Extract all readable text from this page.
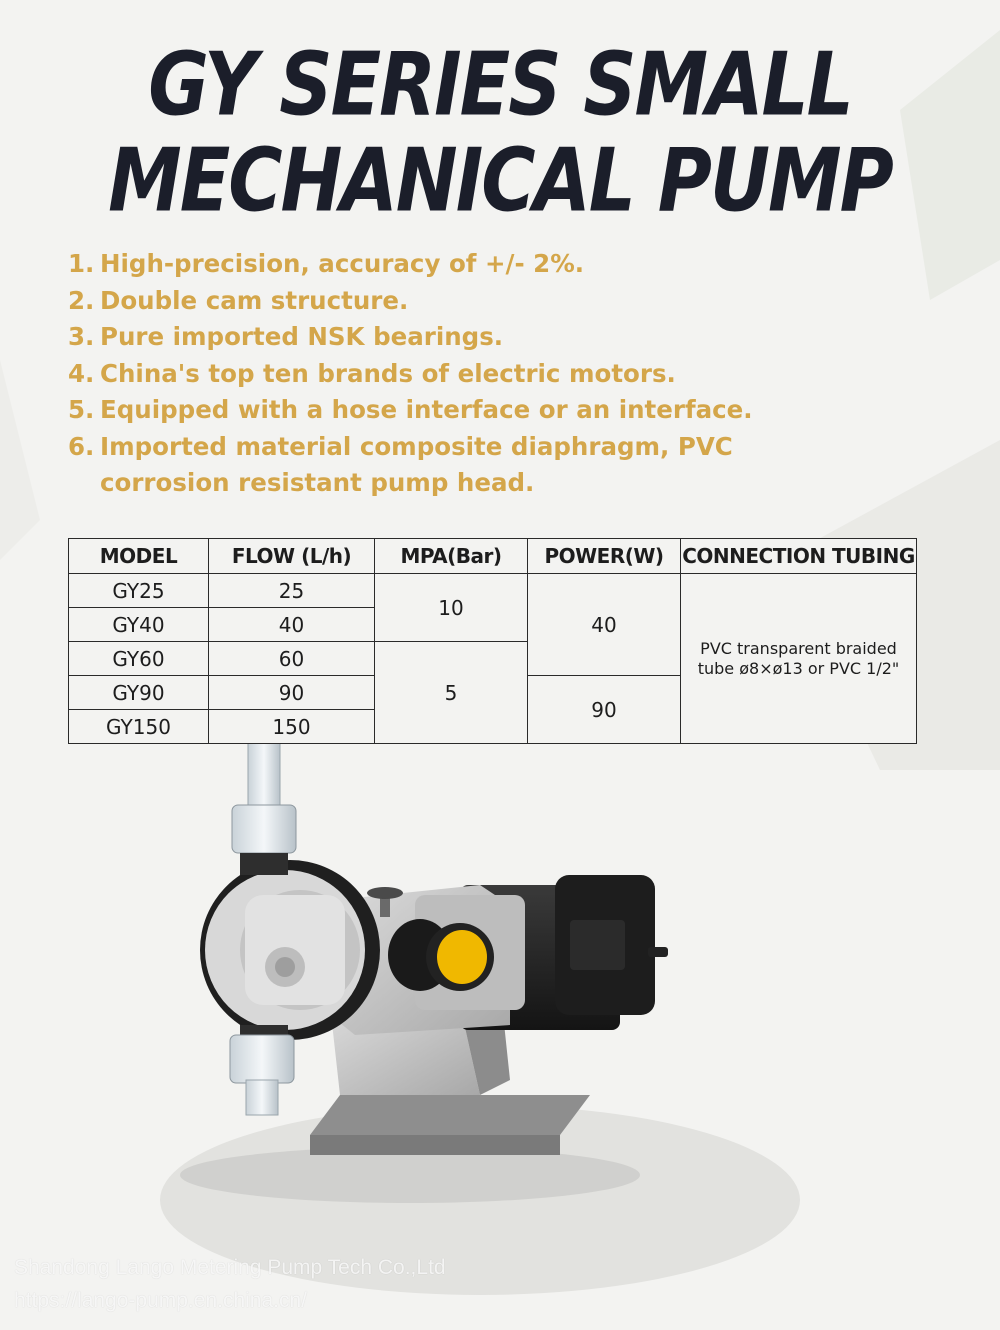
GY SERIES SMALL
MECHANICAL PUMP
1. High-precision, accuracy of +/- 2%.
2. Double cam structure.
3. Pure imported NSK bearings.
4. China's top ten brands of electric motors.
5. Equipped with a hose interface or an interface.
6. Imported material composite diaphragm, PVC corrosion resistant pump head.
MODEL	FLOW (L/h)	MPA(Bar)	POWER(W)	CONNECTION TUBING
GY25	25	10	40	PVC transparent braided tube ø8×ø13 or PVC 1/2"
GY40	40			
GY60	60	5		
GY90	90		90	
GY150	150			
Shandong Lango Metering Pump Tech Co.,Ltd
https://lango-pump.en.china.cn/
